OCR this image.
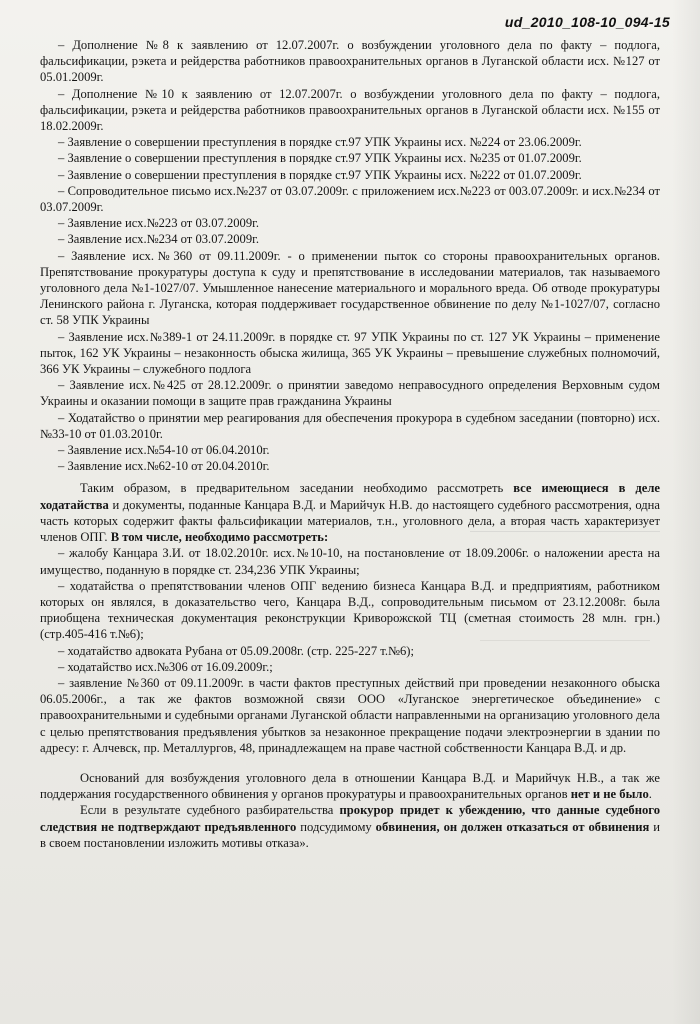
ud_2010_108-10_094-15

– Дополнение №8 к заявлению от 12.07.2007г. о возбуждении уголовного дела по факту – подлога, фальсификации, рэкета и рейдерства работников правоохранительных органов в Луганской области исх. №127 от 05.01.2009г.

– Дополнение №10 к заявлению от 12.07.2007г. о возбуждении уголовного дела по факту – подлога, фальсификации, рэкета и рейдерства работников правоохранительных органов в Луганской области исх. №155 от 18.02.2009г.

– Заявление о совершении преступления в порядке ст.97 УПК Украины исх. №224 от 23.06.2009г.

– Заявление о совершении преступления в порядке ст.97 УПК Украины исх. №235 от 01.07.2009г.

– Заявление о совершении преступления в порядке ст.97 УПК Украины исх. №222 от 01.07.2009г.

– Сопроводительное письмо исх.№237 от 03.07.2009г. с приложением исх.№223 от 003.07.2009г. и исх.№234 от 03.07.2009г.

– Заявление исх.№223 от 03.07.2009г.

– Заявление исх.№234 от 03.07.2009г.

– Заявление исх.№360 от 09.11.2009г. - о применении пыток со стороны правоохранительных органов. Препятствование прокуратуры доступа к суду и препятствование в исследовании материалов, так называемого уголовного дела №1-1027/07. Умышленное нанесение материального и морального вреда. Об отводе прокуратуры Ленинского района г. Луганска, которая поддерживает государственное обвинение по делу №1-1027/07, согласно ст. 58 УПК Украины

– Заявление исх.№389-1 от 24.11.2009г. в порядке ст. 97 УПК Украины по ст. 127 УК Украины – применение пыток, 162 УК Украины – незаконность обыска жилища, 365 УК Украины – превышение служебных полномочий, 366 УК Украины – служебного подлога

– Заявление исх.№425 от 28.12.2009г. о принятии заведомо неправосудного определения Верховным судом Украины и оказании помощи в защите прав гражданина Украины

– Ходатайство о принятии мер реагирования для обеспечения прокурора в судебном заседании (повторно) исх.№33-10 от 01.03.2010г.

– Заявление исх.№54-10 от 06.04.2010г.

– Заявление исх.№62-10 от 20.04.2010г.

Таким образом, в предварительном заседании необходимо рассмотреть все имеющиеся в деле ходатайства и документы, поданные Канцара В.Д. и Марийчук Н.В. до настоящего судебного рассмотрения, одна часть которых содержит факты фальсификации материалов, т.н., уголовного дела, а вторая часть характеризует членов ОПГ. В том числе, необходимо рассмотреть:

– жалобу Канцара З.И. от 18.02.2010г. исх.№10-10, на постановление от 18.09.2006г. о наложении ареста на имущество, поданную в порядке ст. 234,236 УПК Украины;

– ходатайства о препятствовании членов ОПГ ведению бизнеса Канцара В.Д. и предприятиям, работником которых он являлся, в доказательство чего, Канцара В.Д., сопроводительным письмом от 23.12.2008г. была приобщена техническая документация реконструкции Криворожской ТЦ (сметная стоимость 28 млн. грн.) (стр.405-416 т.№6);

– ходатайство адвоката Рубана от 05.09.2008г. (стр. 225-227 т.№6);

– ходатайство исх.№306 от 16.09.2009г.;

– заявление №360 от 09.11.2009г. в части фактов преступных действий при проведении незаконного обыска 06.05.2006г., а так же фактов возможной связи ООО «Луганское энергетическое объединение» с правоохранительными и судебными органами Луганской области направленными на организацию уголовного дела с целью препятствования предъявления убытков за незаконное прекращение подачи электроэнергии в здании по адресу: г. Алчевск, пр. Металлургов, 48, принадлежащем на праве частной собственности Канцара В.Д. и др.

Оснований для возбуждения уголовного дела в отношении Канцара В.Д. и Марийчук Н.В., а так же поддержания государственного обвинения у органов прокуратуры и правоохранительных органов нет и не было.

Если в результате судебного разбирательства прокурор придет к убеждению, что данные судебного следствия не подтверждают предъявленного подсудимому обвинения, он должен отказаться от обвинения и в своем постановлении изложить мотивы отказа».
